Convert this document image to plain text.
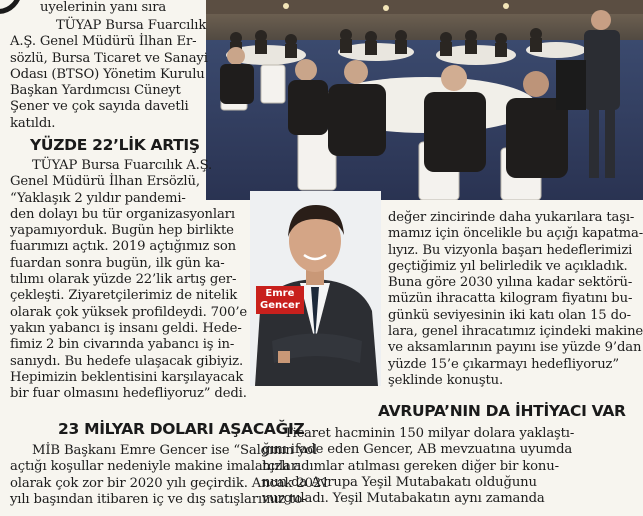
Emre
Gencer

uyelerinin yanı sıra

TÜYAP Bursa Fuarcılık

A.Ş. Genel Müdürü İlhan Er-

sözlü, Bursa Ticaret ve Sanayi

Odası (BTSO) Yönetim Kurulu

Başkan Yardımcısı Cüneyt

Şener ve çok sayıda davetli

katıldı.

YÜZDE 22’LİK ARTIŞ

TÜYAP Bursa Fuarcılık A.Ş.

Genel Müdürü İlhan Ersözlü,

“Yaklaşık 2 yıldır pandemi-

den dolayı bu tür organizasyonları

yapamıyorduk. Bugün hep birlikte

fuarımızı açtık. 2019 açtığımız son

fuardan sonra bugün, ilk gün ka-

tılımı olarak yüzde 22’lik artış ger-

çekleşti. Ziyaretçilerimiz de nitelik

olarak çok yüksek profildeydi. 700’e

yakın yabancı iş insanı geldi. Hede-

fimiz 2 bin civarında yabancı iş in-

sanıydı. Bu hedefe ulaşacak gibiyiz.

Hepimizin beklentisini karşılayacak

bir fuar olmasını hedefliyoruz” dedi.

23 MİLYAR DOLARI AŞACAĞIZ

MİB Başkanı Emre Gencer ise “Salgının yol

açtığı koşullar nedeniyle makine imalatçıları

olarak çok zor bir 2020 yılı geçirdik. Ancak 2021

yılı başından itibaren iç ve dış satışlarımız to-

değer zincirinde daha yukarılara taşı-

mamız için öncelikle bu açığı kapatma-

lıyız. Bu vizyonla başarı hedeflerimizi

geçtiğimiz yıl belirledik ve açıkladık.

Buna göre 2030 yılına kadar sektörü-

müzün ihracatta kilogram fiyatını bu-

günkü seviyesinin iki katı olan 15 do-

lara, genel ihracatımız içindeki makine

ve aksamlarının payını ise yüzde 9’dan

yüzde 15’e çıkarmayı hedefliyoruz”

şeklinde konuştu.

AVRUPA’NIN DA İHTİYACI VAR

Ticaret hacminin 150 milyar dolara yaklaştı-

ğını ifade eden Gencer, AB mevzuatına uyumda

hızlı adımlar atılması gereken diğer bir konu-

nun da Avrupa Yeşil Mutabakatı olduğunu

vurguladı. Yeşil Mutabakatın aynı zamanda
